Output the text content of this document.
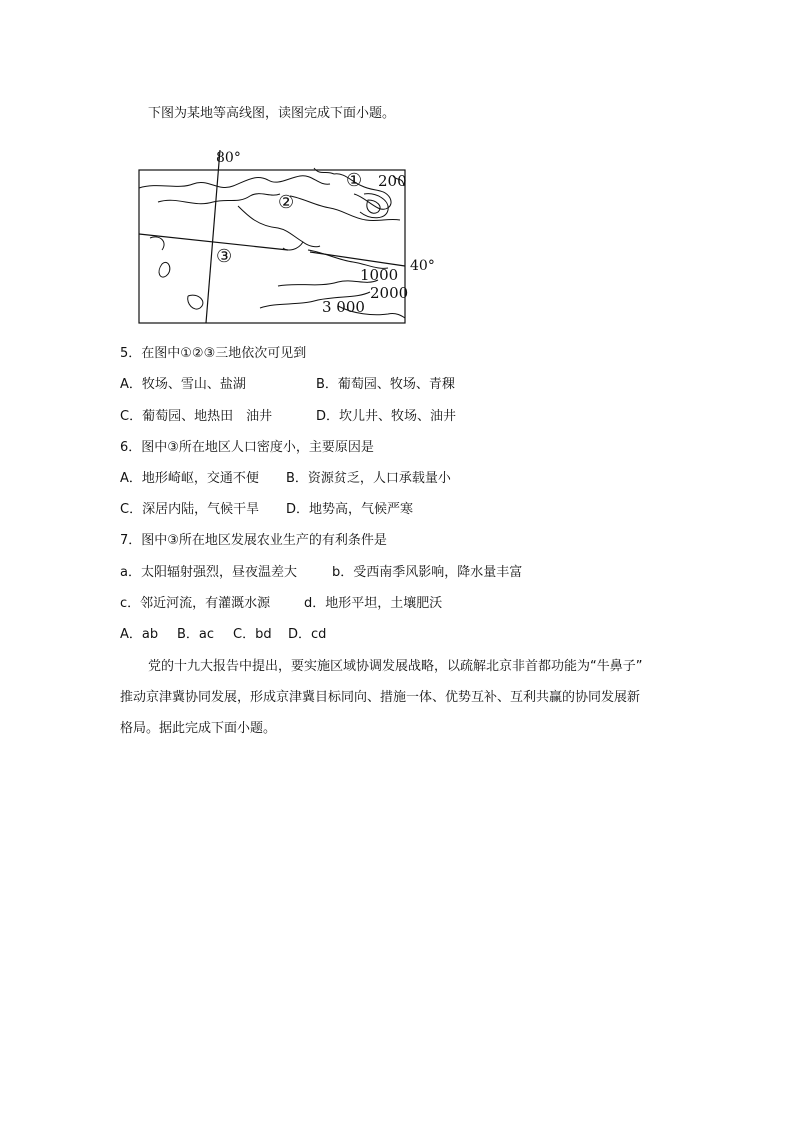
下图为某地等高线图，读图完成下面小题。
80°
40°
①
②
③
200
1000
2000
3 000
5．在图中①②③三地依次可见到
A．牧场、雪山、盐湖	B．葡萄园、牧场、青稞
C．葡萄园、地热田　油井	D．坎儿井、牧场、油井
6．图中③所在地区人口密度小，主要原因是
A．地形崎岖，交通不便 B．资源贫乏，人口承载量小
C．深居内陆，气候干旱 D．地势高，气候严寒
7．图中③所在地区发展农业生产的有利条件是
a．太阳辐射强烈，昼夜温差大	b．受西南季风影响，降水量丰富
c．邻近河流，有灌溉水源	d．地形平坦，土壤肥沃
A．ab B．ac C．bd D．cd
党的十九大报告中提出，要实施区域协调发展战略，以疏解北京非首都功能为“牛鼻子”
推动京津冀协同发展，形成京津冀目标同向、措施一体、优势互补、互利共赢的协同发展新
格局。据此完成下面小题。
